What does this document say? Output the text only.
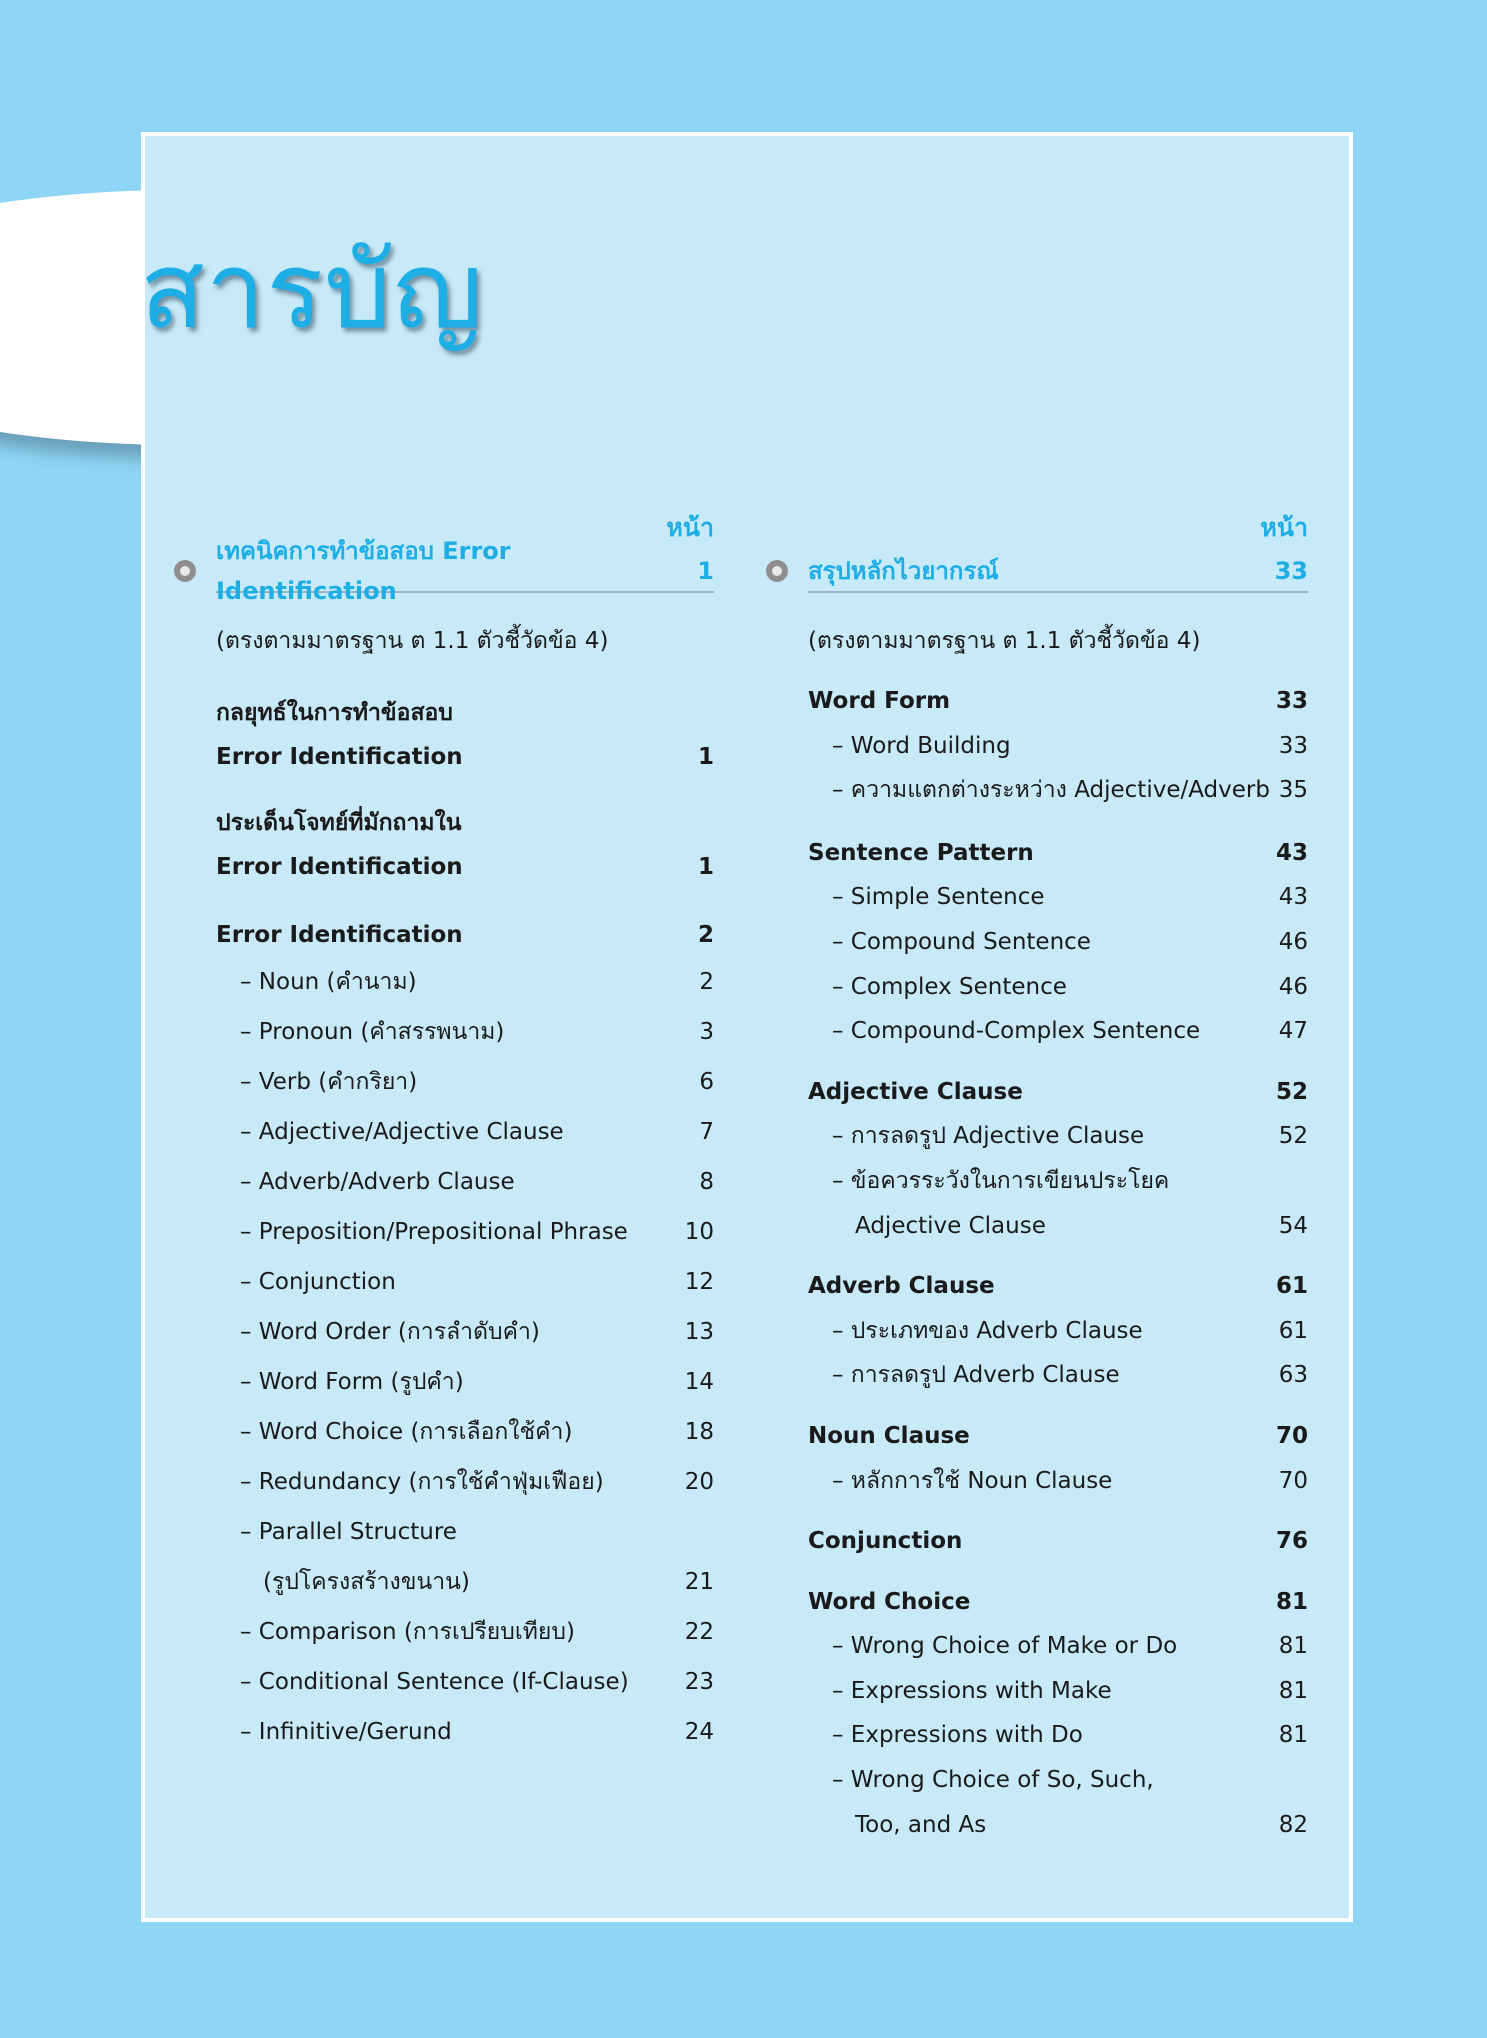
สารบัญ
หน้า
เทคนิคการทำข้อสอบ Error Identification
1
(ตรงตามมาตรฐาน ต 1.1 ตัวชี้วัดข้อ 4)
กลยุทธ์ในการทำข้อสอบ
Error Identification	1
ประเด็นโจทย์ที่มักถามใน
Error Identification	1
Error Identification	2
– Noun (คำนาม)	2
– Pronoun (คำสรรพนาม)	3
– Verb (คำกริยา)	6
– Adjective/Adjective Clause	7
– Adverb/Adverb Clause	8
– Preposition/Prepositional Phrase 10
– Conjunction	12
– Word Order (การลำดับคำ)	13
– Word Form (รูปคำ)	14
– Word Choice (การเลือกใช้คำ)	18
– Redundancy (การใช้คำฟุ่มเฟือย)	20
– Parallel Structure
(รูปโครงสร้างขนาน)	21
– Comparison (การเปรียบเทียบ)	22
– Conditional Sentence (If-Clause) 23
– Infinitive/Gerund	24
หน้า
สรุปหลักไวยากรณ์	33
(ตรงตามมาตรฐาน ต 1.1 ตัวชี้วัดข้อ 4)
Word Form	33
– Word Building	33
– ความแตกต่างระหว่าง Adjective/Adverb 35
Sentence Pattern	43
– Simple Sentence	43
– Compound Sentence	46
– Complex Sentence	46
– Compound-Complex Sentence	47
Adjective Clause	52
– การลดรูป Adjective Clause	52
– ข้อควรระวังในการเขียนประโยค
Adjective Clause	54
Adverb Clause	61
– ประเภทของ Adverb Clause	61
– การลดรูป Adverb Clause	63
Noun Clause	70
– หลักการใช้ Noun Clause	70
Conjunction	76
Word Choice	81
– Wrong Choice of Make or Do	81
– Expressions with Make	81
– Expressions with Do	81
– Wrong Choice of So, Such,
Too, and As	82
